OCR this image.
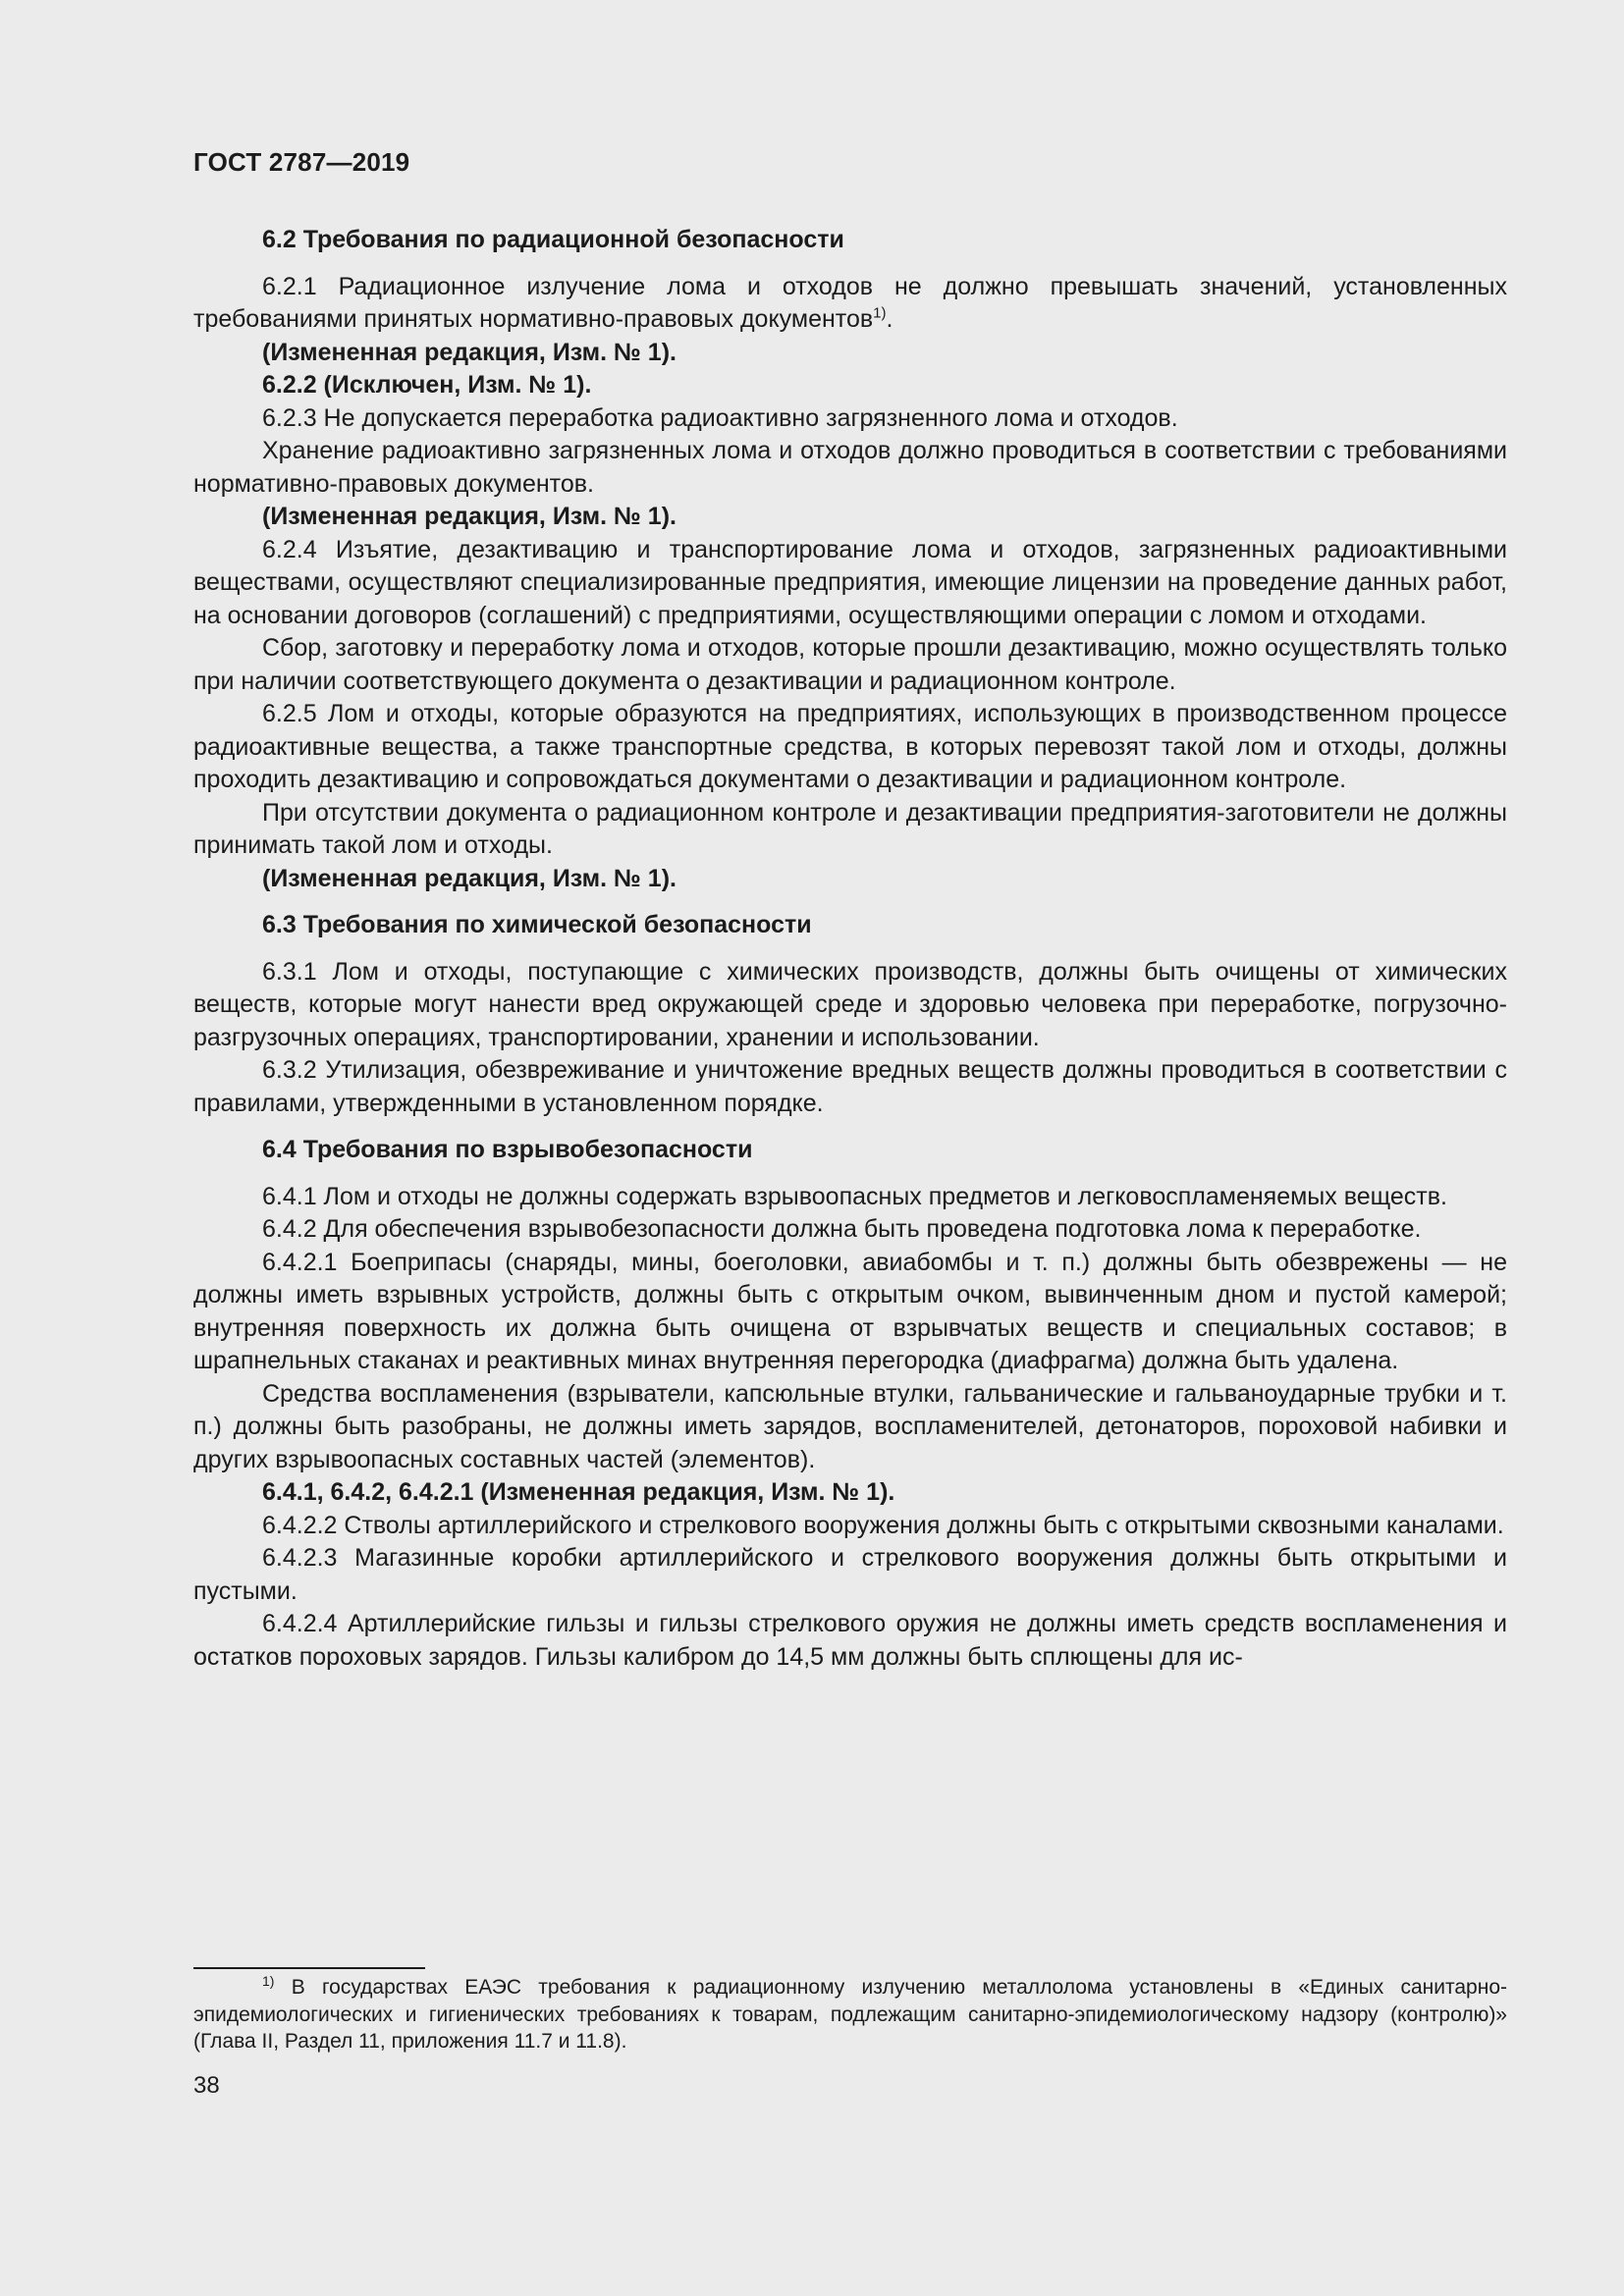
ГОСТ 2787—2019
6.2 Требования по радиационной безопасности

6.2.1 Радиационное излучение лома и отходов не должно превышать значений, установленных требованиями принятых нормативно-правовых документов$^{1)}$.

(Измененная редакция, Изм. № 1).

6.2.2 (Исключен, Изм. № 1).

6.2.3 Не допускается переработка радиоактивно загрязненного лома и отходов.

Хранение радиоактивно загрязненных лома и отходов должно проводиться в соответствии с требованиями нормативно-правовых документов.

(Измененная редакция, Изм. № 1).

6.2.4 Изъятие, дезактивацию и транспортирование лома и отходов, загрязненных радиоактивными веществами, осуществляют специализированные предприятия, имеющие лицензии на проведение данных работ, на основании договоров (соглашений) с предприятиями, осуществляющими операции с ломом и отходами.

Сбор, заготовку и переработку лома и отходов, которые прошли дезактивацию, можно осуществлять только при наличии соответствующего документа о дезактивации и радиационном контроле.

6.2.5 Лом и отходы, которые образуются на предприятиях, использующих в производственном процессе радиоактивные вещества, а также транспортные средства, в которых перевозят такой лом и отходы, должны проходить дезактивацию и сопровождаться документами о дезактивации и радиационном контроле.

При отсутствии документа о радиационном контроле и дезактивации предприятия-заготовители не должны принимать такой лом и отходы.

(Измененная редакция, Изм. № 1).

6.3 Требования по химической безопасности

6.3.1 Лом и отходы, поступающие с химических производств, должны быть очищены от химических веществ, которые могут нанести вред окружающей среде и здоровью человека при переработке, погрузочно-разгрузочных операциях, транспортировании, хранении и использовании.

6.3.2 Утилизация, обезвреживание и уничтожение вредных веществ должны проводиться в соответствии с правилами, утвержденными в установленном порядке.

6.4 Требования по взрывобезопасности

6.4.1 Лом и отходы не должны содержать взрывоопасных предметов и легковоспламеняемых веществ.

6.4.2 Для обеспечения взрывобезопасности должна быть проведена подготовка лома к переработке.

6.4.2.1 Боеприпасы (снаряды, мины, боеголовки, авиабомбы и т. п.) должны быть обезврежены — не должны иметь взрывных устройств, должны быть с открытым очком, вывинченным дном и пустой камерой; внутренняя поверхность их должна быть очищена от взрывчатых веществ и специальных составов; в шрапнельных стаканах и реактивных минах внутренняя перегородка (диафрагма) должна быть удалена.

Средства воспламенения (взрыватели, капсюльные втулки, гальванические и гальваноударные трубки и т. п.) должны быть разобраны, не должны иметь зарядов, воспламенителей, детонаторов, пороховой набивки и других взрывоопасных составных частей (элементов).

6.4.1, 6.4.2, 6.4.2.1 (Измененная редакция, Изм. № 1).

6.4.2.2 Стволы артиллерийского и стрелкового вооружения должны быть с открытыми сквозными каналами.

6.4.2.3 Магазинные коробки артиллерийского и стрелкового вооружения должны быть открытыми и пустыми.

6.4.2.4 Артиллерийские гильзы и гильзы стрелкового оружия не должны иметь средств воспламенения и остатков пороховых зарядов. Гильзы калибром до 14,5 мм должны быть сплющены для ис-

$^{1)}$ В государствах ЕАЭС требования к радиационному излучению металлолома установлены в «Единых санитарно-эпидемиологических и гигиенических требованиях к товарам, подлежащим санитарно-эпидемиологическому надзору (контролю)» (Глава II, Раздел 11, приложения 11.7 и 11.8).
38
